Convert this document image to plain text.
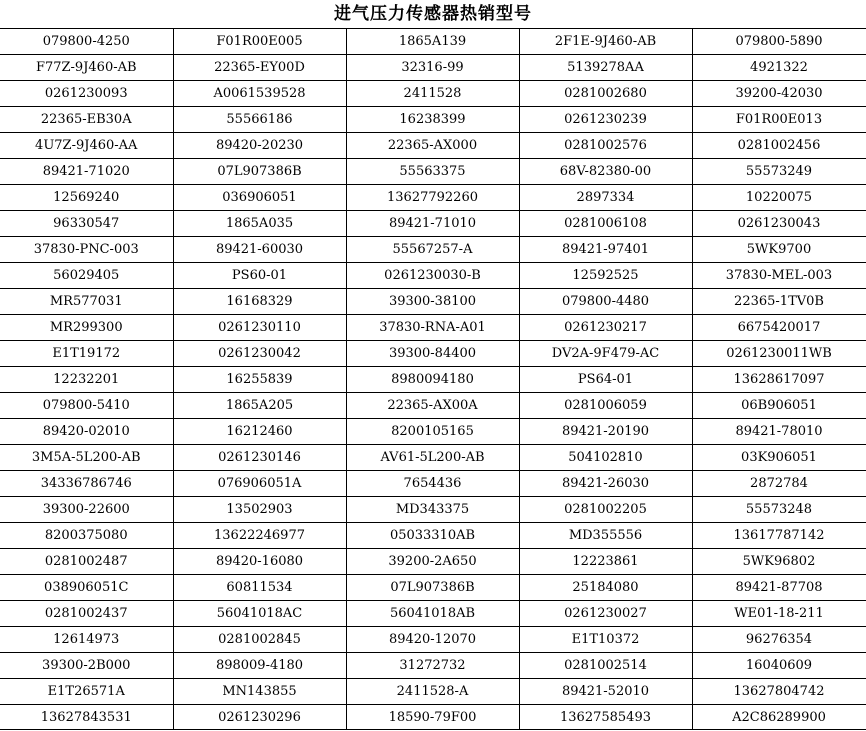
进气压力传感器热销型号
079800-4250	F01R00E005	1865A139	2F1E-9J460-AB	079800-5890
F77Z-9J460-AB	22365-EY00D	32316-99	5139278AA	4921322
0261230093	A0061539528	2411528	0281002680	39200-42030
22365-EB30A	55566186	16238399	0261230239	F01R00E013
4U7Z-9J460-AA	89420-20230	22365-AX000	0281002576	0281002456
89421-71020	07L907386B	55563375	68V-82380-00	55573249
12569240	036906051	13627792260	2897334	10220075
96330547	1865A035	89421-71010	0281006108	0261230043
37830-PNC-003	89421-60030	55567257-A	89421-97401	5WK9700
56029405	PS60-01	0261230030-B	12592525	37830-MEL-003
MR577031	16168329	39300-38100	079800-4480	22365-1TV0B
MR299300	0261230110	37830-RNA-A01	0261230217	6675420017
E1T19172	0261230042	39300-84400	DV2A-9F479-AC	0261230011WB
12232201	16255839	8980094180	PS64-01	13628617097
079800-5410	1865A205	22365-AX00A	0281006059	06B906051
89420-02010	16212460	8200105165	89421-20190	89421-78010
3M5A-5L200-AB	0261230146	AV61-5L200-AB	504102810	03K906051
34336786746	076906051A	7654436	89421-26030	2872784
39300-22600	13502903	MD343375	0281002205	55573248
8200375080	13622246977	05033310AB	MD355556	13617787142
0281002487	89420-16080	39200-2A650	12223861	5WK96802
038906051C	60811534	07L907386B	25184080	89421-87708
0281002437	56041018AC	56041018AB	0261230027	WE01-18-211
12614973	0281002845	89420-12070	E1T10372	96276354
39300-2B000	898009-4180	31272732	0281002514	16040609
E1T26571A	MN143855	2411528-A	89421-52010	13627804742
13627843531	0261230296	18590-79F00	13627585493	A2C86289900
